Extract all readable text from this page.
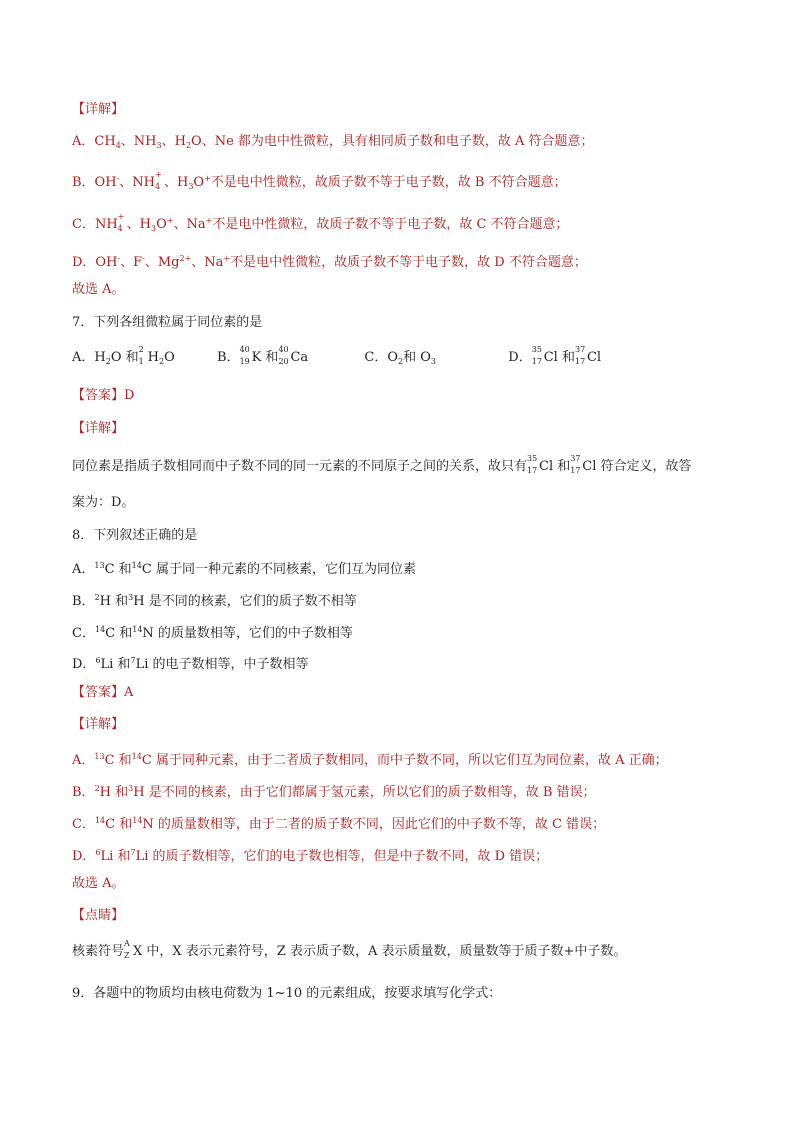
【详解】
A．$CH_4$、$NH_3$、$H_2O$、Ne 都为电中性微粒，具有相同质子数和电子数，故 A 符合题意；
B．OH-、NH
+
4 、$H_3O^+$不是电中性微粒，故质子数不等于电子数，故 B 不符合题意；
C．NH
+
4 、$H_3O^+$、Na+不是电中性微粒，故质子数不等于电子数，故 C 不符合题意；
D．OH-、F-、$Mg^{2+}$、Na+不是电中性微粒，故质子数不等于电子数，故 D 不符合题意；
故选 A。
7．下列各组微粒属于同位素的是
A．$H_2O$ 和
2
1 $H_2O$	B．
40
19 K 和
40
20 Ca	C．$O_2$和 $O_3$	D．
35
17 Cl 和
37
17 Cl
【答案】D
【详解】
同位素是指质子数相同而中子数不同的同一元素的不同原子之间的关系，故只有
35
17 Cl 和
37
17 Cl 符合定义，故答
案为：D。
8．下列叙述正确的是
A．$^{13}$C 和$^{14}$C 属于同一种元素的不同核素，它们互为同位素
B．$^2$H 和$^3$H 是不同的核素，它们的质子数不相等
C．$^{14}$C 和$^{14}$N 的质量数相等，它们的中子数相等
D．$^6$Li 和$^7$Li 的电子数相等，中子数相等
【答案】A
【详解】
A．$^{13}$C 和$^{14}$C 属于同种元素，由于二者质子数相同，而中子数不同，所以它们互为同位素，故 A 正确；
B．$^2$H 和$^3$H 是不同的核素，由于它们都属于氢元素，所以它们的质子数相等，故 B 错误；
C．$^{14}$C 和$^{14}$N 的质量数相等，由于二者的质子数不同，因此它们的中子数不等，故 C 错误；
D．$^6$Li 和$^7$Li 的质子数相等，它们的电子数也相等，但是中子数不同，故 D 错误；
故选 A。
【点睛】
核素符号
A
Z X 中，X 表示元素符号，Z 表示质子数，A 表示质量数，质量数等于质子数+中子数。
9．各题中的物质均由核电荷数为 1~10 的元素组成，按要求填写化学式：
